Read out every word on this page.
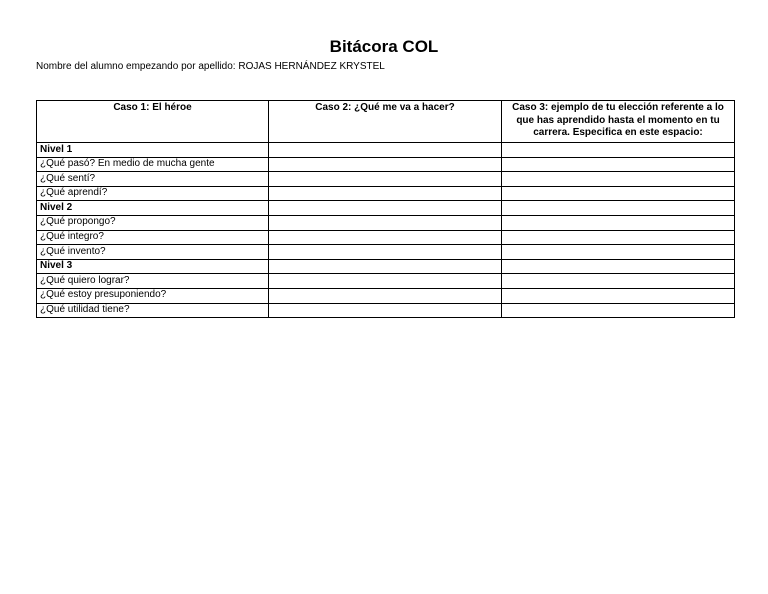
Bitácora COL
Nombre del alumno empezando por apellido: ROJAS HERNÁNDEZ KRYSTEL
Caso 1: El héroe	Caso 2: ¿Qué me va a hacer?	Caso 3: ejemplo de tu elección referente a lo que has aprendido hasta el momento en tu carrera. Especifica en este espacio:
Nivel 1		
¿Qué pasó? En medio de mucha gente		
¿Qué sentí?		
¿Qué aprendí?		
Nivel 2		
¿Qué propongo?		
¿Qué integro?		
¿Qué invento?		
Nivel 3		
¿Qué quiero lograr?		
¿Qué estoy presuponiendo?		
¿Qué utilidad tiene?		
